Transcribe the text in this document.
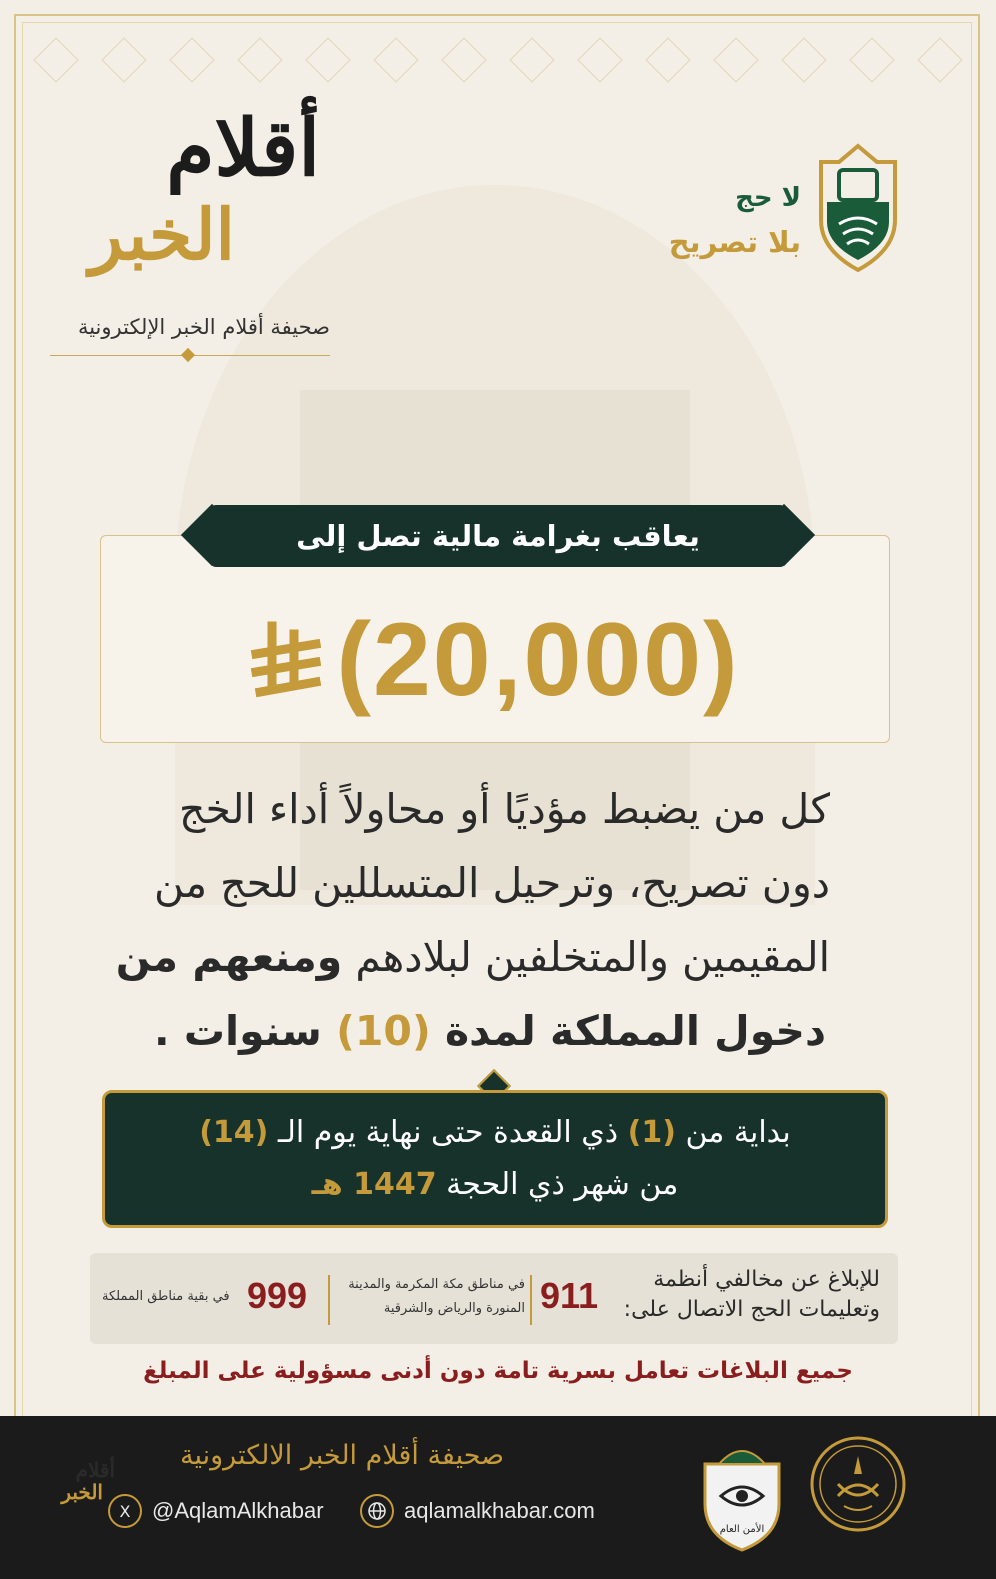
أقلام
الخبر
صحيفة أقلام الخبر الإلكترونية
لا حج
بلا تصريح
يعاقب بغرامة مالية تصل إلى
(20,000)
كل من يضبط مؤديًا أو محاولاً أداء الخج
دون تصريح، وترحيل المتسللين للحج من
المقيمين والمتخلفين لبلادهم ومنعهم من
دخول المملكة لمدة (10) سنوات .
بداية من (1) ذي القعدة حتى نهاية يوم الـ (14)
من شهر ذي الحجة 1447 هـ
للإبلاغ عن مخالفي أنظمة
وتعليمات الحج الاتصال على:
911
في مناطق مكة المكرمة والمدينة المنورة والرياض والشرقية
999
في بقية مناطق المملكة
جميع البلاغات تعامل بسرية تامة دون أدنى مسؤولية على المبلغ
أقلام
الخبر
صحيفة أقلام الخبر الالكترونية
X @AqlamAlkhabar	aqlamalkhabar.com
الأمن العام
